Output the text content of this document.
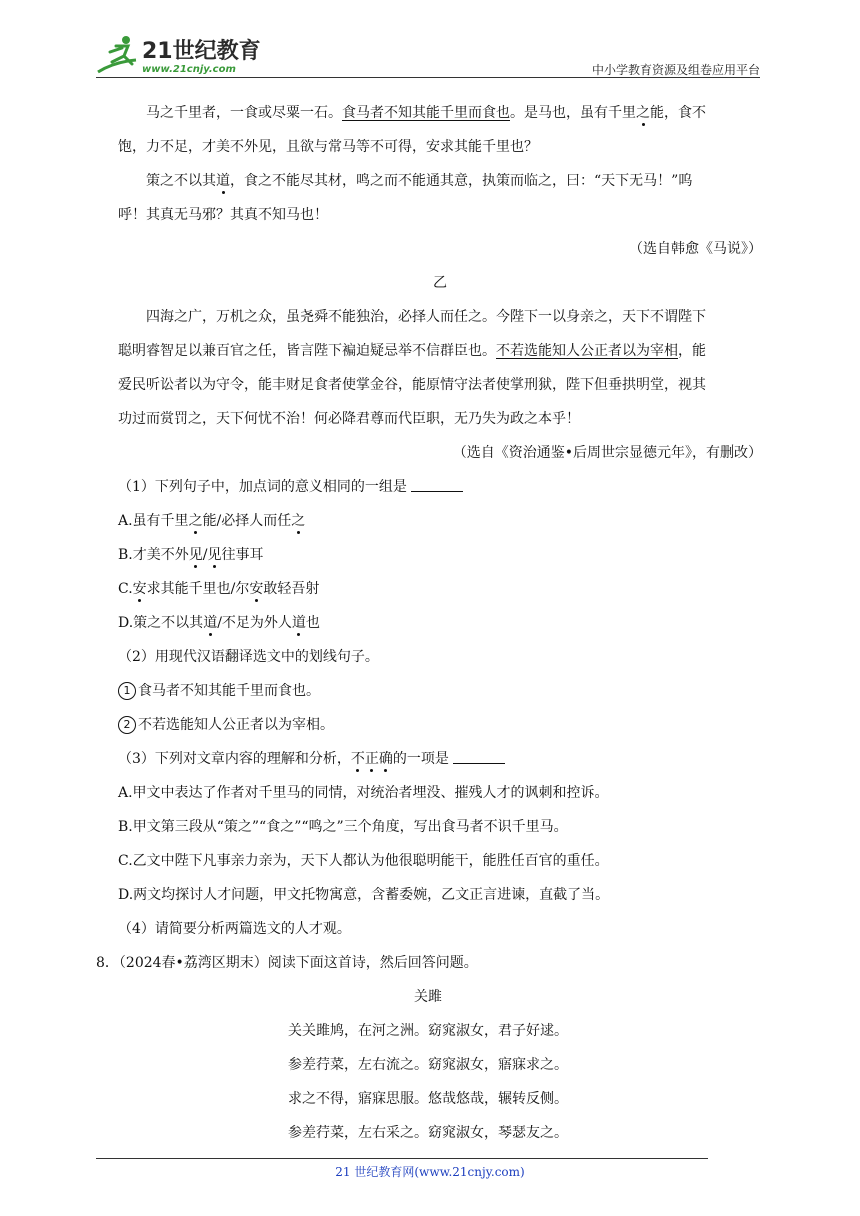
21世纪教育
www.21cnjy.com	中小学教育资源及组卷应用平台

马之千里者，一食或尽粟一石。食马者不知其能千里而食也。是马也，虽有千里之能，食不

饱，力不足，才美不外见，且欲与常马等不可得，安求其能千里也？

策之不以其道，食之不能尽其材，鸣之而不能通其意，执策而临之，曰：“天下无马！”呜

呼！其真无马邪？其真不知马也！

（选自韩愈《马说》）

乙

四海之广，万机之众，虽尧舜不能独治，必择人而任之。今陛下一以身亲之，天下不谓陛下

聪明睿智足以兼百官之任，皆言陛下褊迫疑忌举不信群臣也。不若选能知人公正者以为宰相，能

爱民听讼者以为守令，能丰财足食者使掌金谷，能原情守法者使掌刑狱，陛下但垂拱明堂，视其

功过而赏罚之，天下何忧不治！何必降君尊而代臣职，无乃失为政之本乎！

（选自《资治通鉴•后周世宗显德元年》，有删改）

（1）下列句子中，加点词的意义相同的一组是

A.虽有千里之能/必择人而任之

B.才美不外见/见往事耳

C.安求其能千里也/尔安敢轻吾射

D.策之不以其道/不足为外人道也

（2）用现代汉语翻译选文中的划线句子。

1 食马者不知其能千里而食也。

2 不若选能知人公正者以为宰相。

（3）下列对文章内容的理解和分析，不正确的一项是

A.甲文中表达了作者对千里马的同情，对统治者埋没、摧残人才的讽刺和控诉。

B.甲文第三段从“策之”“食之”“鸣之”三个角度，写出食马者不识千里马。

C.乙文中陛下凡事亲力亲为，天下人都认为他很聪明能干，能胜任百官的重任。

D.两文均探讨人才问题，甲文托物寓意，含蓄委婉，乙文正言进谏，直截了当。

（4）请简要分析两篇选文的人才观。

8．（2024春•荔湾区期末）阅读下面这首诗，然后回答问题。

关雎

关关雎鸠，在河之洲。窈窕淑女，君子好逑。

参差荇菜，左右流之。窈窕淑女，寤寐求之。

求之不得，寤寐思服。悠哉悠哉，辗转反侧。

参差荇菜，左右采之。窈窕淑女，琴瑟友之。

21 世纪教育网(www.21cnjy.com)
